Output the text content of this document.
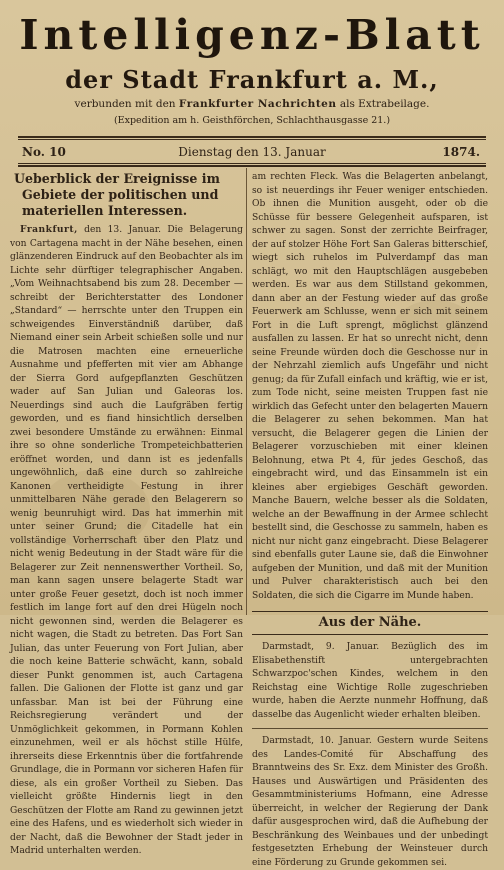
Intelligenz-Blatt
der Stadt Frankfurt a. M.,
verbunden mit den Frankfurter Nachrichten als Extrabeilage.
(Expedition am h. Geisthförchen, Schlachthausgasse 21.)
No. 10	Dienstag den 13. Januar	1874.
Ueberblick der Ereignisse im Gebiete der politischen und materiellen Interessen.

Frankfurt, den 13. Januar. Die Belagerung von Cartagena macht in der Nähe besehen, einen glänzenderen Eindruck auf den Beobachter als im Lichte sehr dürftiger telegraphischer Angaben. „Vom Weihnachtsabend bis zum 28. December — schreibt der Berichterstatter des Londoner „Standard“ — herrschte unter den Truppen ein schweigendes Einverständniß darüber, daß Niemand einer sein Arbeit schießen solle und nur die Matrosen machten eine erneuerliche Ausnahme und pfefferten mit vier am Abhange der Sierra Gord aufgepflanzten Geschützen wader auf San Julian und Galeoras los. Neuerdings sind auch die Laufgräben fertig geworden, und es fiand hinsichtlich derselben zwei besondere Umstände zu erwähnen: Einmal ihre so ohne sonderliche Trompeteichbatterien eröffnet worden, und dann ist es jedenfalls ungewöhnlich, daß eine durch so zahlreiche Kanonen vertheidigte Festung in ihrer unmittelbaren Nähe gerade den Belagerern so wenig beunruhigt wird. Das hat immerhin mit unter seiner Grund; die Citadelle hat ein vollständige Vorherrschaft über den Platz und nicht wenig Bedeutung in der Stadt wäre für die Belagerer zur Zeit nennenswerther Vortheil. So, man kann sagen unsere belagerte Stadt war unter große Feuer gesetzt, doch ist noch immer festlich im lange fort auf den drei Hügeln noch nicht gewonnen sind, werden die Belagerer es nicht wagen, die Stadt zu betreten. Das Fort San Julian, das unter Feuerung von Fort Julian, aber die noch keine Batterie schwächt, kann, sobald dieser Punkt genommen ist, auch Cartagena fallen. Die Galionen der Flotte ist ganz und gar unfassbar. Man ist bei der Führung eine Reichsregierung verändert und der Unmöglichkeit gekommen, in Pormann Kohlen einzunehmen, weil er als höchst stille Hülfe, ihrerseits diese Erkenntnis über die fortfahrende Grundlage, die in Pormann vor sicheren Hafen für diese, als ein großer Vortheil zu Sieben. Das vielleicht größte Hindernis liegt in den Geschützen der Flotte am Rand zu gewinnen jetzt eine des Hafens, und es wiederholt sich wieder in der Nacht, daß die Bewohner der Stadt jeder in Madrid unterhalten werden.

am rechten Fleck. Was die Belagerten anbelangt, so ist neuerdings ihr Feuer weniger entschieden. Ob ihnen die Munition ausgeht, oder ob die Schüsse für bessere Gelegenheit aufsparen, ist schwer zu sagen. Sonst der zerrichte Beirfrager, der auf stolzer Höhe Fort San Galeras bitterschief, wiegt sich ruhelos im Pulverdampf das man schlägt, wo mit den Hauptschlägen ausgebeben werden. Es war aus dem Stillstand gekommen, dann aber an der Festung wieder auf das große Feuerwerk am Schlusse, wenn er sich mit seinem Fort in die Luft sprengt, möglichst glänzend ausfallen zu lassen. Er hat so unrecht nicht, denn seine Freunde würden doch die Geschosse nur in der Nehrzahl ziemlich aufs Ungefähr und nicht genug; da für Zufall einfach und kräftig, wie er ist, zum Tode nicht, seine meisten Truppen fast nie wirklich das Gefecht unter den belagerten Mauern die Belagerer zu sehen bekommen. Man hat versucht, die Belagerer gegen die Linien der Belagerer vorzuschieben mit einer kleinen Belohnung, etwa Pt 4, für jedes Geschoß, das eingebracht wird, und das Einsammeln ist ein kleines aber ergiebiges Geschäft geworden. Manche Bauern, welche besser als die Soldaten, welche an der Bewaffnung in der Armee schlecht bestellt sind, die Geschosse zu sammeln, haben es nicht nur nicht ganz eingebracht. Diese Belagerer sind ebenfalls guter Laune sie, daß die Einwohner aufgeben der Munition, und daß mit der Munition und Pulver charakteristisch auch bei den Soldaten, die sich die Cigarre im Munde haben.

Aus der Nähe.

Darmstadt, 9. Januar. Bezüglich des im Elisabethenstift untergebrachten Schwarzpoc'schen Kindes, welchem in den Reichstag eine Wichtige Rolle zugeschrieben wurde, haben die Aerzte nunmehr Hoffnung, daß dasselbe das Augenlicht wieder erhalten bleiben.

Darmstadt, 10. Januar. Gestern wurde Seitens des Landes-Comité für Abschaffung des Branntweins des Sr. Exz. dem Minister des Großh. Hauses und Auswärtigen und Präsidenten des Gesammtministeriums Hofmann, eine Adresse überreicht, in welcher der Regierung der Dank dafür ausgesprochen wird, daß die Aufhebung der Beschränkung des Weinbaues und der unbedingt festgesetzten Erhebung der Weinsteuer durch eine Förderung zu Grunde gekommen sei.
